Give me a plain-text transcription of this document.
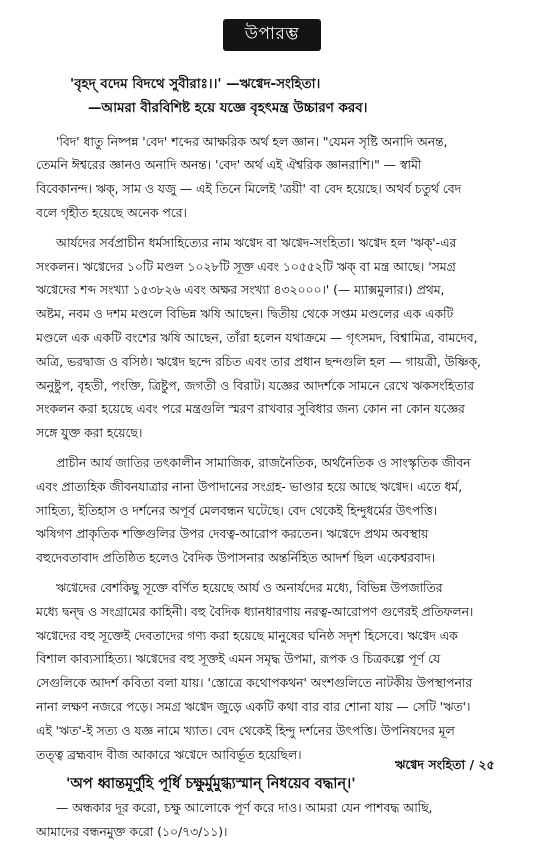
উপারম্ভ
'বৃহদ্ বদেম বিদথে সুবীরাঃ।।' —ঋগ্বেদ-সংহিতা।
—আমরা বীরবিশিষ্ট হয়ে যজ্ঞে বৃহৎমন্ত্র উচ্চারণ করব।
'বিদ' ধাতু নিষ্পন্ন 'বেদ' শব্দের আক্ষরিক অর্থ হল জ্ঞান। "যেমন সৃষ্টি অনাদি অনন্ত,
তেমনি ঈশ্বরের জ্ঞানও অনাদি অনন্ত। 'বেদ' অর্থ এই ঐশ্বরিক জ্ঞানরাশি।" — স্বামী
বিবেকানন্দ। ঋক্, সাম ও যজু — এই তিনে মিলেই 'ত্রয়ী' বা বেদ হয়েছে। অথর্ব চতুর্থ বেদ
বলে গৃহীত হয়েছে অনেক পরে।
আর্যদের সর্বপ্রাচীন ধর্মসাহিত্যের নাম ঋগ্বেদ বা ঋগ্বেদ-সংহিতা। ঋগ্বেদ হল 'ঋক্'-এর
সংকলন। ঋগ্বেদের ১০টি মণ্ডল ১০২৮টি সূক্ত এবং ১০৫৫২টি ঋক্ বা মন্ত্র আছে। 'সমগ্র
ঋগ্বেদের শব্দ সংখ্যা ১৫৩৮২৬ এবং অক্ষর সংখ্যা ৪৩২০০০।' (— ম্যাক্সমুলার।) প্রথম,
অষ্টম, নবম ও দশম মণ্ডলে বিভিন্ন ঋষি আছেন। দ্বিতীয় থেকে সপ্তম মণ্ডলের এক একটি
মণ্ডলে এক একটি বংশের ঋষি আছেন, তাঁরা হলেন যথাক্রমে — গৃৎসমদ, বিশ্বামিত্র, বামদেব,
অত্রি, ভরদ্বাজ ও বসিষ্ঠ। ঋগ্বেদ ছন্দে রচিত এবং তার প্রধান ছন্দগুলি হল — গায়ত্রী, উষ্ণিক্,
অনুষ্টুপ, বৃহতী, পংক্তি, ত্রিষ্টুপ, জগতী ও বিরাট। যজ্ঞের আদর্শকে সামনে রেখে ঋকসংহিতার
সংকলন করা হয়েছে এবং পরে মন্ত্রগুলি স্মরণ রাখবার সুবিধার জন্য কোন না কোন যজ্ঞের
সঙ্গে যুক্ত করা হয়েছে।
প্রাচীন আর্য জাতির তৎকালীন সামাজিক, রাজনৈতিক, অর্থনৈতিক ও সাংস্কৃতিক জীবন
এবং প্রাত্যহিক জীবনযাত্রার নানা উপাদানের সংগ্রহ- ভাণ্ডার হয়ে আছে ঋগ্বেদ। এতে ধর্ম,
সাহিত্য, ইতিহাস ও দর্শনের অপূর্ব মেলবন্ধন ঘটেছে। বেদ থেকেই হিন্দুধর্মের উৎপত্তি।
ঋষিগণ প্রাকৃতিক শক্তিগুলির উপর দেবত্ব-আরোপ করতেন। ঋগ্বেদে প্রথম অবস্থায়
বহুদেবতাবাদ প্রতিষ্ঠিত হলেও বৈদিক উপাসনার অন্তর্নিহিত আদর্শ ছিল একেশ্বরবাদ।
ঋগ্বেদের বেশকিছু সূক্তে বর্ণিত হয়েছে আর্য ও অনার্যদের মধ্যে, বিভিন্ন উপজাতির
মধ্যে দ্বন্দ্ব ও সংগ্রামের কাহিনী। বহু বৈদিক ধ্যানধারণায় নরত্ব-আরোপণ গুণেরই প্রতিফলন।
ঋগ্বেদের বহু সূক্তেই দেবতাদের গণ্য করা হয়েছে মানুষের ঘনিষ্ঠ সদৃশ হিসেবে। ঋগ্বেদ এক
বিশাল কাব্যসাহিত্য। ঋগ্বেদের বহু সূক্তই এমন সমৃদ্ধ উপমা, রূপক ও চিত্রকল্পে পূর্ণ যে
সেগুলিকে আদর্শ কবিতা বলা যায়। 'স্তোত্রে কথোপকথন' অংশগুলিতে নাটকীয় উপস্থাপনার
নানা লক্ষণ নজরে পড়ে। সমগ্র ঋগ্বেদ জুড়ে একটি কথা বার বার শোনা যায় — সেটি 'ঋত'।
এই 'ঋত'-ই সত্য ও যজ্ঞ নামে খ্যাত। বেদ থেকেই হিন্দু দর্শনের উৎপত্তি। উপনিষদের মূল
তত্ত্ব ব্রহ্মবাদ বীজ আকারে ঋগ্বেদে আবির্ভূত হয়েছিল।
'অপ ধ্বান্তমূর্ণুহি পূর্ধি চক্ষুর্মুমুগ্ধ্যস্মান্ নিধয়েব বদ্ধান্।'
— অন্ধকার দূর করো, চক্ষু আলোকে পূর্ণ করে দাও। আমরা যেন পাশবদ্ধ আছি,
আমাদের বন্ধনমুক্ত করো (১০/৭৩/১১)।
ঋগ্বেদ সংহিতা / ২৫
